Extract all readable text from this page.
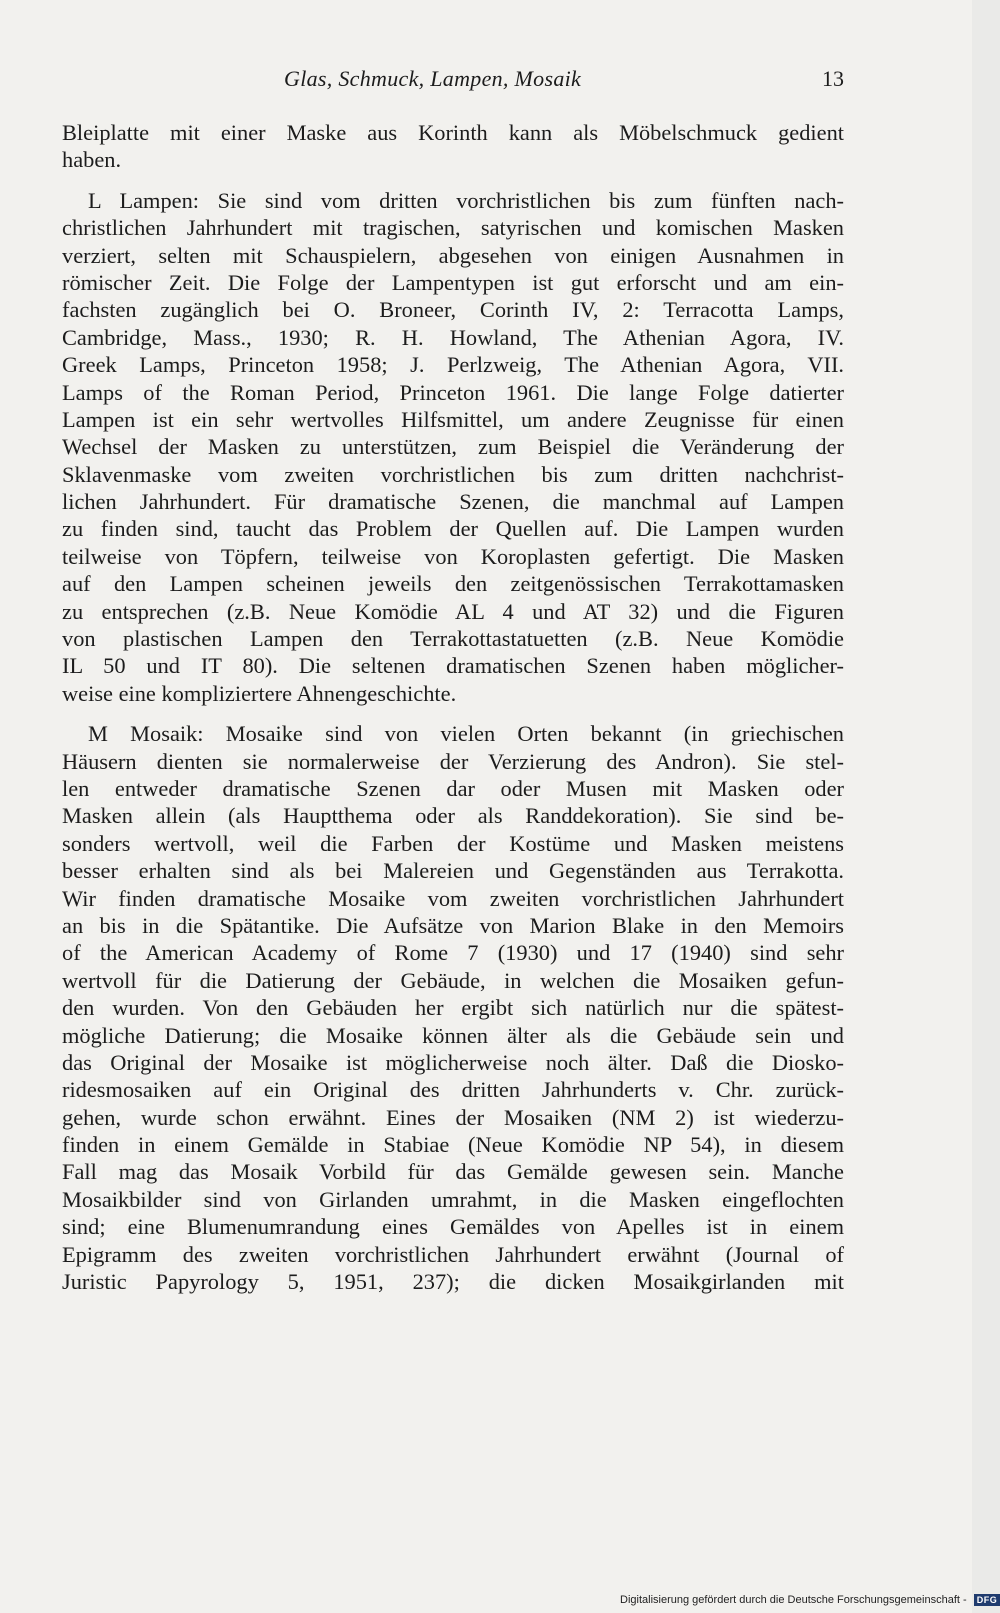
Glas, Schmuck, Lampen, Mosaik	13
Bleiplatte mit einer Maske aus Korinth kann als Möbelschmuck gedient
haben.
L Lampen: Sie sind vom dritten vorchristlichen bis zum fünften nach-
christlichen Jahrhundert mit tragischen, satyrischen und komischen Masken
verziert, selten mit Schauspielern, abgesehen von einigen Ausnahmen in
römischer Zeit. Die Folge der Lampentypen ist gut erforscht und am ein-
fachsten zugänglich bei O. Broneer, Corinth IV, 2: Terracotta Lamps,
Cambridge, Mass., 1930; R. H. Howland, The Athenian Agora, IV.
Greek Lamps, Princeton 1958; J. Perlzweig, The Athenian Agora, VII.
Lamps of the Roman Period, Princeton 1961. Die lange Folge datierter
Lampen ist ein sehr wertvolles Hilfsmittel, um andere Zeugnisse für einen
Wechsel der Masken zu unterstützen, zum Beispiel die Veränderung der
Sklavenmaske vom zweiten vorchristlichen bis zum dritten nachchrist-
lichen Jahrhundert. Für dramatische Szenen, die manchmal auf Lampen
zu finden sind, taucht das Problem der Quellen auf. Die Lampen wurden
teilweise von Töpfern, teilweise von Koroplasten gefertigt. Die Masken
auf den Lampen scheinen jeweils den zeitgenössischen Terrakottamasken
zu entsprechen (z.B. Neue Komödie AL 4 und AT 32) und die Figuren
von plastischen Lampen den Terrakottastatuetten (z.B. Neue Komödie
IL 50 und IT 80). Die seltenen dramatischen Szenen haben möglicher-
weise eine kompliziertere Ahnengeschichte.
M Mosaik: Mosaike sind von vielen Orten bekannt (in griechischen
Häusern dienten sie normalerweise der Verzierung des Andron). Sie stel-
len entweder dramatische Szenen dar oder Musen mit Masken oder
Masken allein (als Hauptthema oder als Randdekoration). Sie sind be-
sonders wertvoll, weil die Farben der Kostüme und Masken meistens
besser erhalten sind als bei Malereien und Gegenständen aus Terrakotta.
Wir finden dramatische Mosaike vom zweiten vorchristlichen Jahrhundert
an bis in die Spätantike. Die Aufsätze von Marion Blake in den Memoirs
of the American Academy of Rome 7 (1930) und 17 (1940) sind sehr
wertvoll für die Datierung der Gebäude, in welchen die Mosaiken gefun-
den wurden. Von den Gebäuden her ergibt sich natürlich nur die spätest-
mögliche Datierung; die Mosaike können älter als die Gebäude sein und
das Original der Mosaike ist möglicherweise noch älter. Daß die Diosko-
ridesmosaiken auf ein Original des dritten Jahrhunderts v. Chr. zurück-
gehen, wurde schon erwähnt. Eines der Mosaiken (NM 2) ist wiederzu-
finden in einem Gemälde in Stabiae (Neue Komödie NP 54), in diesem
Fall mag das Mosaik Vorbild für das Gemälde gewesen sein. Manche
Mosaikbilder sind von Girlanden umrahmt, in die Masken eingeflochten
sind; eine Blumenumrandung eines Gemäldes von Apelles ist in einem
Epigramm des zweiten vorchristlichen Jahrhundert erwähnt (Journal of
Juristic Papyrology 5, 1951, 237); die dicken Mosaikgirlanden mit
Digitalisierung gefördert durch die Deutsche Forschungsgemeinschaft - DFG
